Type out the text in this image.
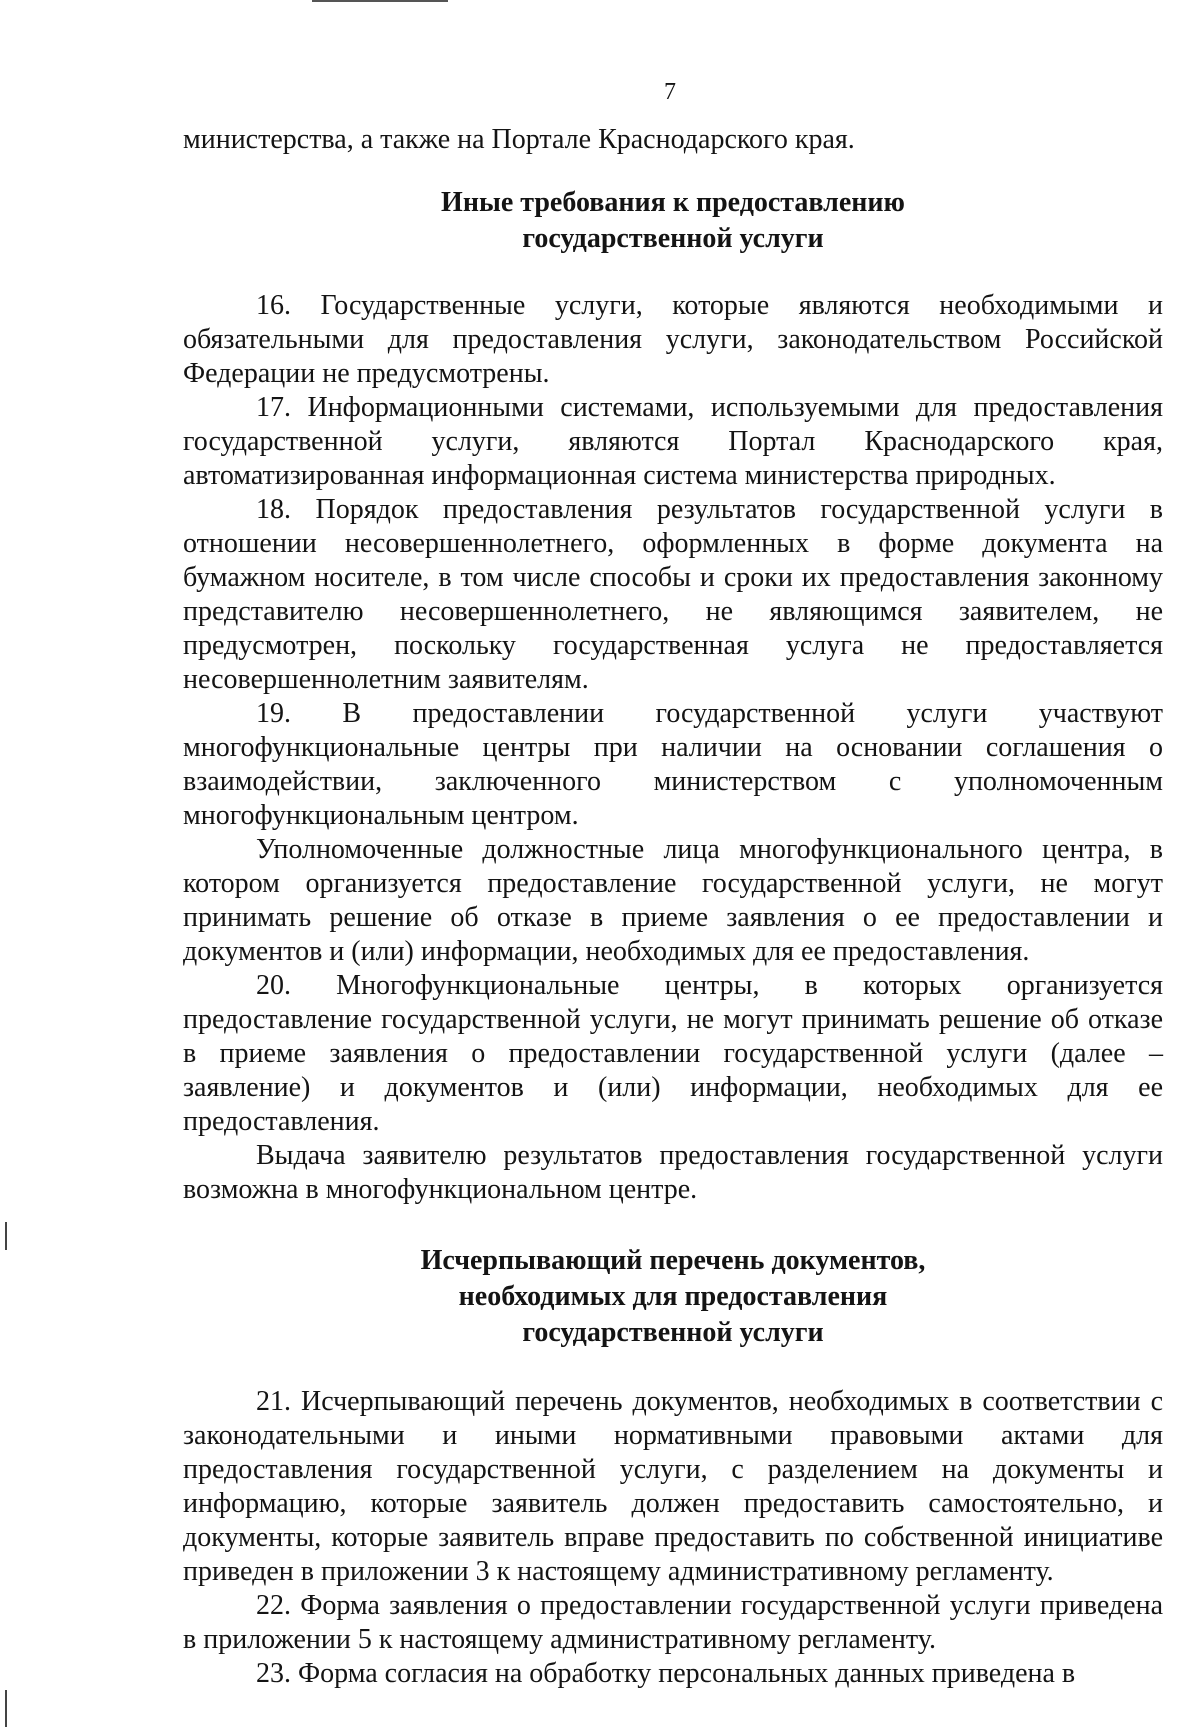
7

министерства, а также на Портале Краснодарского края.

Иные требования к предоставлению
государственной услуги

16. Государственные услуги, которые являются необходимыми и обязательными для предоставления услуги, законодательством Российской Федерации не предусмотрены.

17. Информационными системами, используемыми для предоставления государственной услуги, являются Портал Краснодарского края, автоматизированная информационная система министерства природных.

18. Порядок предоставления результатов государственной услуги в отношении несовершеннолетнего, оформленных в форме документа на бумажном носителе, в том числе способы и сроки их предоставления законному представителю несовершеннолетнего, не являющимся заявителем, не предусмотрен, поскольку государственная услуга не предоставляется несовершеннолетним заявителям.

19. В предоставлении государственной услуги участвуют многофункциональные центры при наличии на основании соглашения о взаимодействии, заключенного министерством с уполномоченным многофункциональным центром.

Уполномоченные должностные лица многофункционального центра, в котором организуется предоставление государственной услуги, не могут принимать решение об отказе в приеме заявления о ее предоставлении и документов и (или) информации, необходимых для ее предоставления.

20. Многофункциональные центры, в которых организуется предоставление государственной услуги, не могут принимать решение об отказе в приеме заявления о предоставлении государственной услуги (далее – заявление) и документов и (или) информации, необходимых для ее предоставления.

Выдача заявителю результатов предоставления государственной услуги возможна в многофункциональном центре.

Исчерпывающий перечень документов,
необходимых для предоставления
государственной услуги

21. Исчерпывающий перечень документов, необходимых в соответствии с законодательными и иными нормативными правовыми актами для предоставления государственной услуги, с разделением на документы и информацию, которые заявитель должен предоставить самостоятельно, и документы, которые заявитель вправе предоставить по собственной инициативе приведен в приложении 3 к настоящему административному регламенту.

22. Форма заявления о предоставлении государственной услуги приведена в приложении 5 к настоящему административному регламенту.

23. Форма согласия на обработку персональных данных приведена в
